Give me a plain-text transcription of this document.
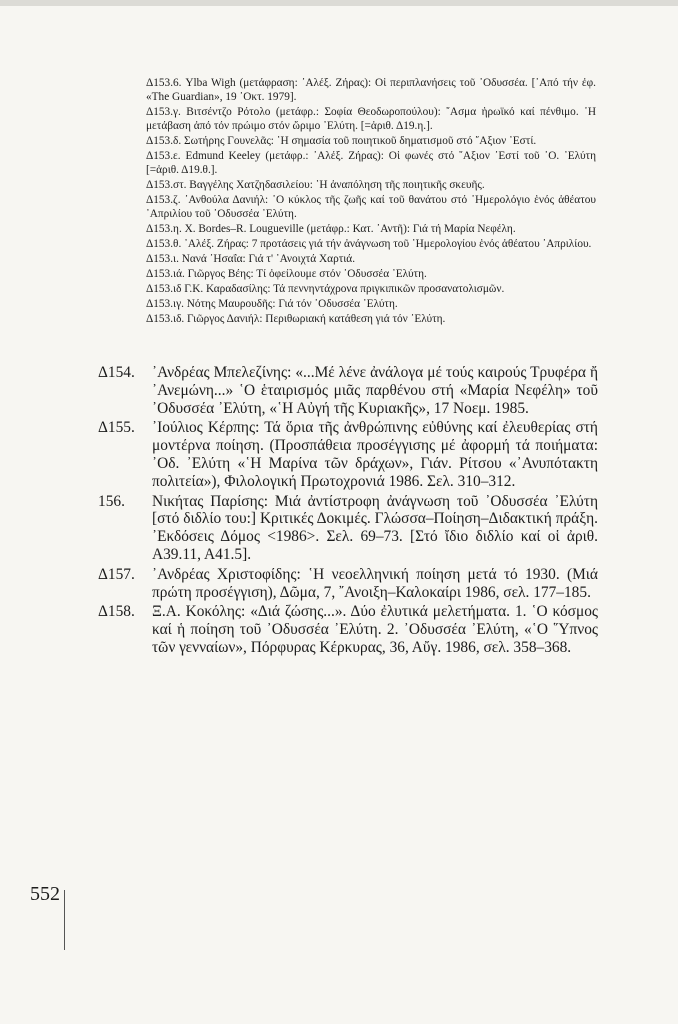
Δ153.6. Ylba Wigh (μετάφραση: ᾿Αλέξ. Ζήρας): Οἱ περιπλανήσεις τοῦ ᾿Οδυσσέα. [᾿Από τήν ἐφ. «The Guardian», 19 ᾿Οκτ. 1979].

Δ153.γ. Βιτσέντζο Ρότολο (μετάφρ.: Σοφία Θεοδωροπούλου): ῎Ασμα ἡρωϊκό καί πένθιμο. ῾Η μετάβαση ἀπό τόν πρώιμο στόν ὥριμο ᾿Ελύτη. [=ἀριθ. Δ19.η.].

Δ153.δ. Σωτήρης Γουνελᾶς: ῾Η σημασία τοῦ ποιητικοῦ δηματισμοῦ στό ῎Αξιον ᾿Εστί.

Δ153.ε. Edmund Keeley (μετάφρ.: ᾿Αλέξ. Ζήρας): Οἱ φωνές στό ῎Αξιον ᾿Εστί τοῦ ᾿Ο. ᾿Ελύτη [=ἀριθ. Δ19.θ.].

Δ153.στ. Βαγγέλης Χατζηδασιλείου: ῾Η ἀναπόληση τῆς ποιητικῆς σκευῆς.

Δ153.ζ. ᾿Ανθούλα Δανιήλ: ῾Ο κύκλος τῆς ζωῆς καί τοῦ θανάτου στό ῾Ημερολόγιο ἑνός ἀθέατου ᾿Απριλίου τοῦ ᾿Οδυσσέα ᾿Ελύτη.

Δ153.η. X. Bordes–R. Lougueville (μετάφρ.: Κατ. ᾿Αντῆ): Γιά τή Μαρία Νεφέλη.

Δ153.θ. ᾿Αλέξ. Ζήρας: 7 προτάσεις γιά τήν ἀνάγνωση τοῦ ῾Ημερολογίου ἑνός ἀθέατου ᾿Απριλίου.

Δ153.ι. Νανά ᾿Ησαΐα: Γιά τ' ᾿Ανοιχτά Χαρτιά.

Δ153.ιά. Γιῶργος Βέης: Τί ὀφείλουμε στόν ᾿Οδυσσέα ᾿Ελύτη.

Δ153.ιδ Γ.Κ. Καραδασίλης: Τά πεννηντάχρονα πριγκιπικῶν προσανατολισμῶν.

Δ153.ιγ. Νότης Μαυρουδῆς: Γιά τόν ᾿Οδυσσέα ᾿Ελύτη.

Δ153.ιδ. Γιῶργος Δανιήλ: Περιθωριακή κατάθεση γιά τόν ᾿Ελύτη.

Δ154.	᾿Ανδρέας Μπελεζίνης: «...Μέ λένε ἀνάλογα μέ τούς καιρούς Τρυφέρα ἤ ᾿Ανεμώνη...» ῾Ο ἑταιρισμός μιᾶς παρθένου στή «Μαρία Νεφέλη» τοῦ ᾿Οδυσσέα ᾿Ελύτη, «῾Η Αὐγή τῆς Κυριακῆς», 17 Νοεμ. 1985.
Δ155.	᾿Ιούλιος Κέρπης: Τά ὅρια τῆς ἀνθρώπινης εὐθύνης καί ἐλευθερίας στή μοντέρνα ποίηση. (Προσπάθεια προσέγγισης μέ ἀφορμή τά ποιήματα: ᾿Οδ. ᾿Ελύτη «῾Η Μαρίνα τῶν δράχων», Γιάν. Ρίτσου «᾿Ανυπότακτη πολιτεία»), Φιλολογική Πρωτοχρονιά 1986. Σελ. 310–312.
156.	Νικήτας Παρίσης: Μιά ἀντίστροφη ἀνάγνωση τοῦ ᾿Οδυσσέα ᾿Ελύτη [στό διδλίο του:] Κριτικές Δοκιμές. Γλώσσα–Ποίηση–Διδακτική πράξη. ᾿Εκδόσεις Δόμος <1986>. Σελ. 69–73. [Στό ἴδιο διδλίο καί οἱ ἀριθ. Α39.11, Α41.5].
Δ157.	᾿Ανδρέας Χριστοφίδης: ῾Η νεοελληνική ποίηση μετά τό 1930. (Μιά πρώτη προσέγγιση), Δῶμα, 7, ῎Ανοιξη–Καλοκαίρι 1986, σελ. 177–185.
Δ158.	Ξ.Α. Κοκόλης: «Διά ζώσης...». Δύο ἐλυτικά μελετήματα. 1. ῾Ο κόσμος καί ἡ ποίηση τοῦ ᾿Οδυσσέα ᾿Ελύτη. 2. ᾿Οδυσσέα ᾿Ελύτη, «῾Ο ῞Υπνος τῶν γενναίων», Πόρφυρας Κέρκυρας, 36, Αὔγ. 1986, σελ. 358–368.
552
